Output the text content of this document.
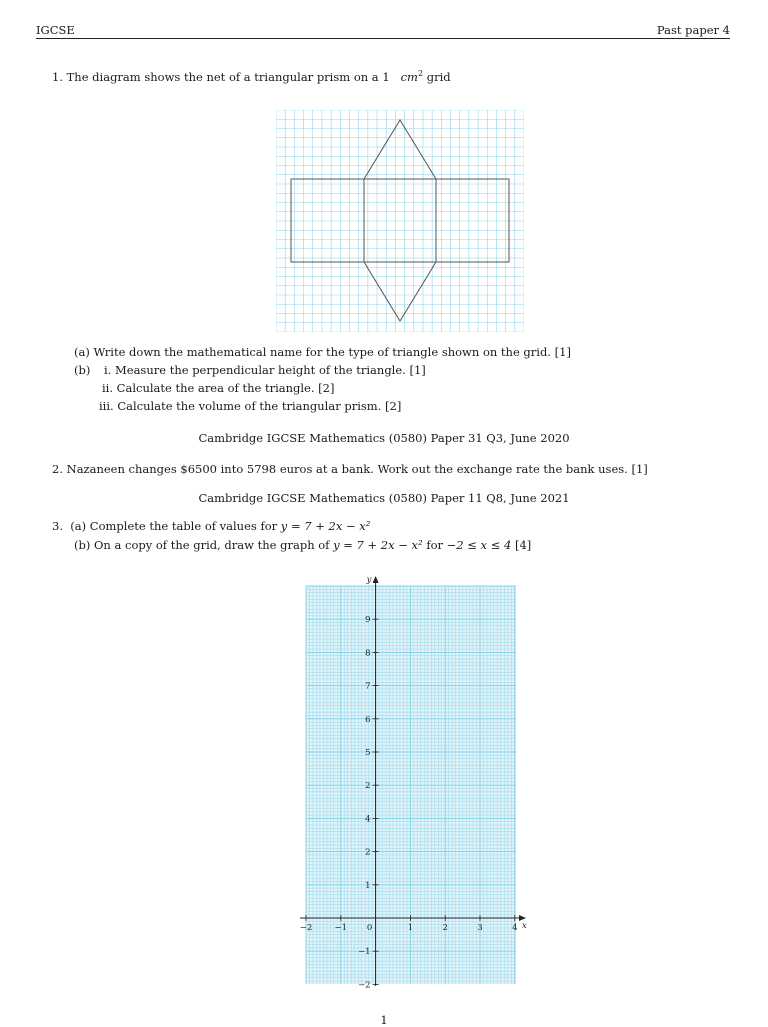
IGCSE	Past paper 4
1. The diagram shows the net of a triangular prism on a 1 $cm^2$ grid
(a) Write down the mathematical name for the type of triangle shown on the grid. [1]
(b) i. Measure the perpendicular height of the triangle. [1]
ii. Calculate the area of the triangle. [2]
iii. Calculate the volume of the triangular prism. [2]
Cambridge IGCSE Mathematics (0580) Paper 31 Q3, June 2020
2. Nazaneen changes $6500 into 5798 euros at a bank. Work out the exchange rate the bank uses. [1]
Cambridge IGCSE Mathematics (0580) Paper 11 Q8, June 2021
3. (a) Complete the table of values for y = 7 + 2x − x²
(b) On a copy of the grid, draw the graph of y = 7 + 2x − x² for −2 ≤ x ≤ 4 [4]
−2	−1 0	1	2	3	4
9
8
7
6
5
2
4
2
1
−1
−2
y
x
1
